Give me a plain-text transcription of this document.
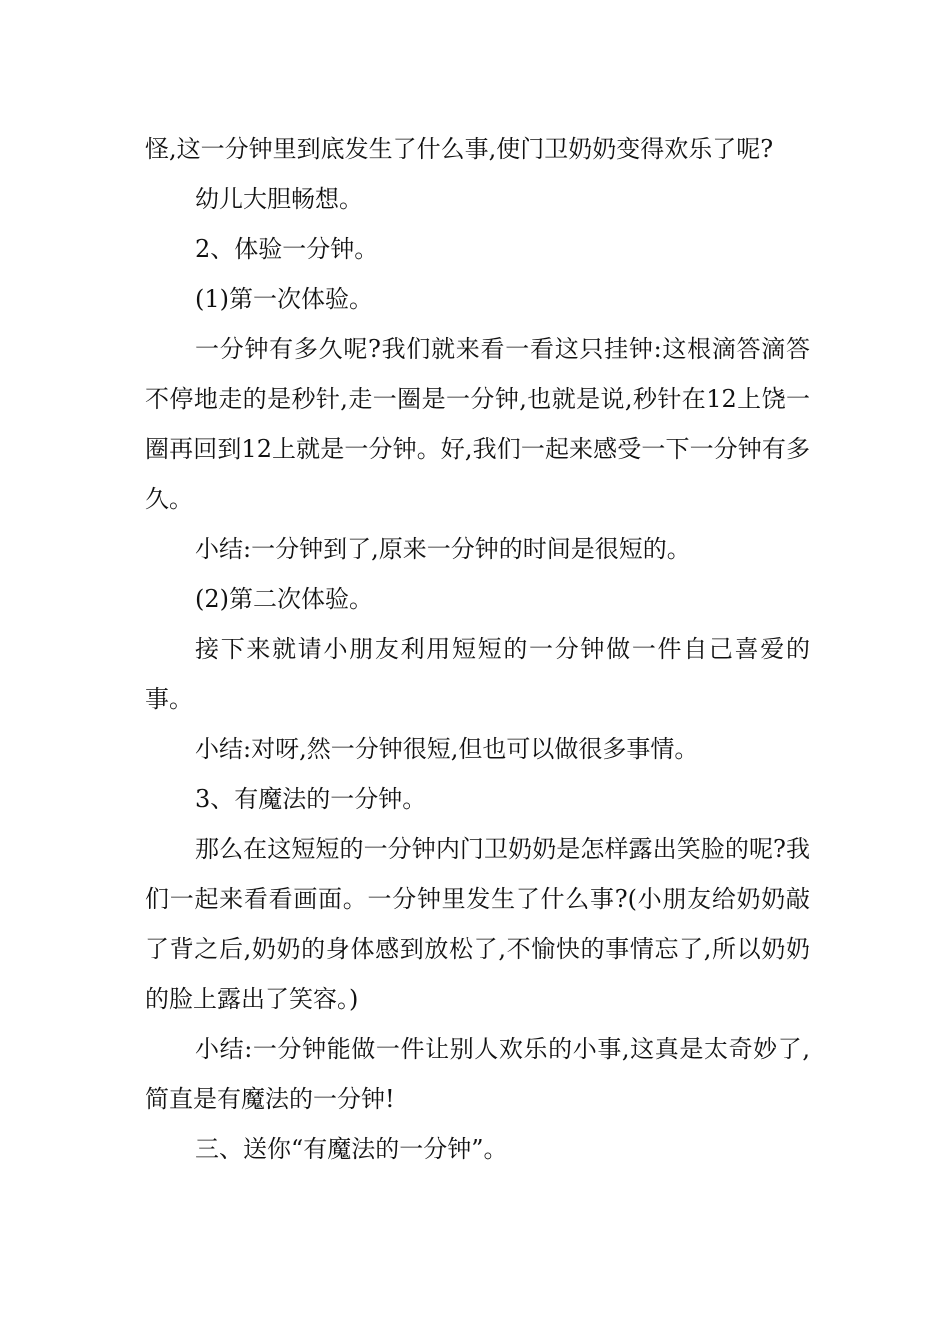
怪,这一分钟里到底发生了什么事,使门卫奶奶变得欢乐了呢?

幼儿大胆畅想。

2、体验一分钟。

(1)第一次体验。

一分钟有多久呢?我们就来看一看这只挂钟:这根滴答滴答不停地走的是秒针,走一圈是一分钟,也就是说,秒针在12上饶一圈再回到12上就是一分钟。好,我们一起来感受一下一分钟有多久。

小结:一分钟到了,原来一分钟的时间是很短的。

(2)第二次体验。

接下来就请小朋友利用短短的一分钟做一件自己喜爱的事。

小结:对呀,然一分钟很短,但也可以做很多事情。

3、有魔法的一分钟。

那么在这短短的一分钟内门卫奶奶是怎样露出笑脸的呢?我们一起来看看画面。一分钟里发生了什么事?(小朋友给奶奶敲了背之后,奶奶的身体感到放松了,不愉快的事情忘了,所以奶奶的脸上露出了笑容。)

小结:一分钟能做一件让别人欢乐的小事,这真是太奇妙了,简直是有魔法的一分钟!

三、送你“有魔法的一分钟”。
